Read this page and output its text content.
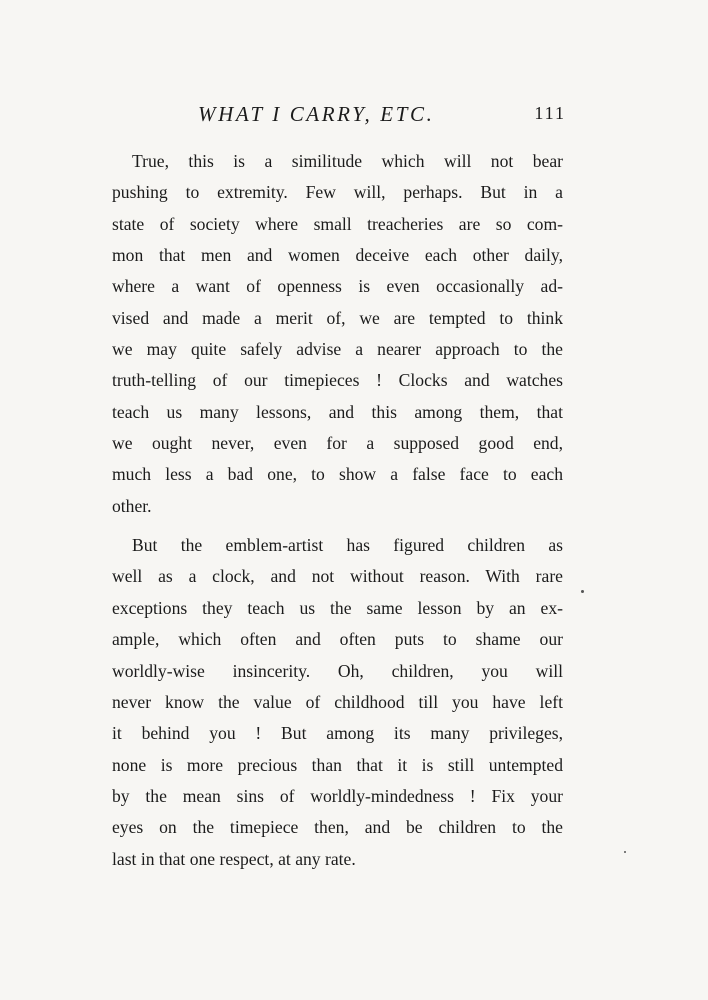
WHAT I CARRY, ETC.	111
True, this is a similitude which will not bear
pushing to extremity. Few will, perhaps. But in a
state of society where small treacheries are so com-
mon that men and women deceive each other daily,
where a want of openness is even occasionally ad-
vised and made a merit of, we are tempted to think
we may quite safely advise a nearer approach to the
truth-telling of our timepieces ! Clocks and watches
teach us many lessons, and this among them, that
we ought never, even for a supposed good end,
much less a bad one, to show a false face to each
other.
But the emblem-artist has figured children as
well as a clock, and not without reason. With rare
exceptions they teach us the same lesson by an ex-
ample, which often and often puts to shame our
worldly-wise insincerity. Oh, children, you will
never know the value of childhood till you have left
it behind you ! But among its many privileges,
none is more precious than that it is still untempted
by the mean sins of worldly-mindedness ! Fix your
eyes on the timepiece then, and be children to the
last in that one respect, at any rate.
